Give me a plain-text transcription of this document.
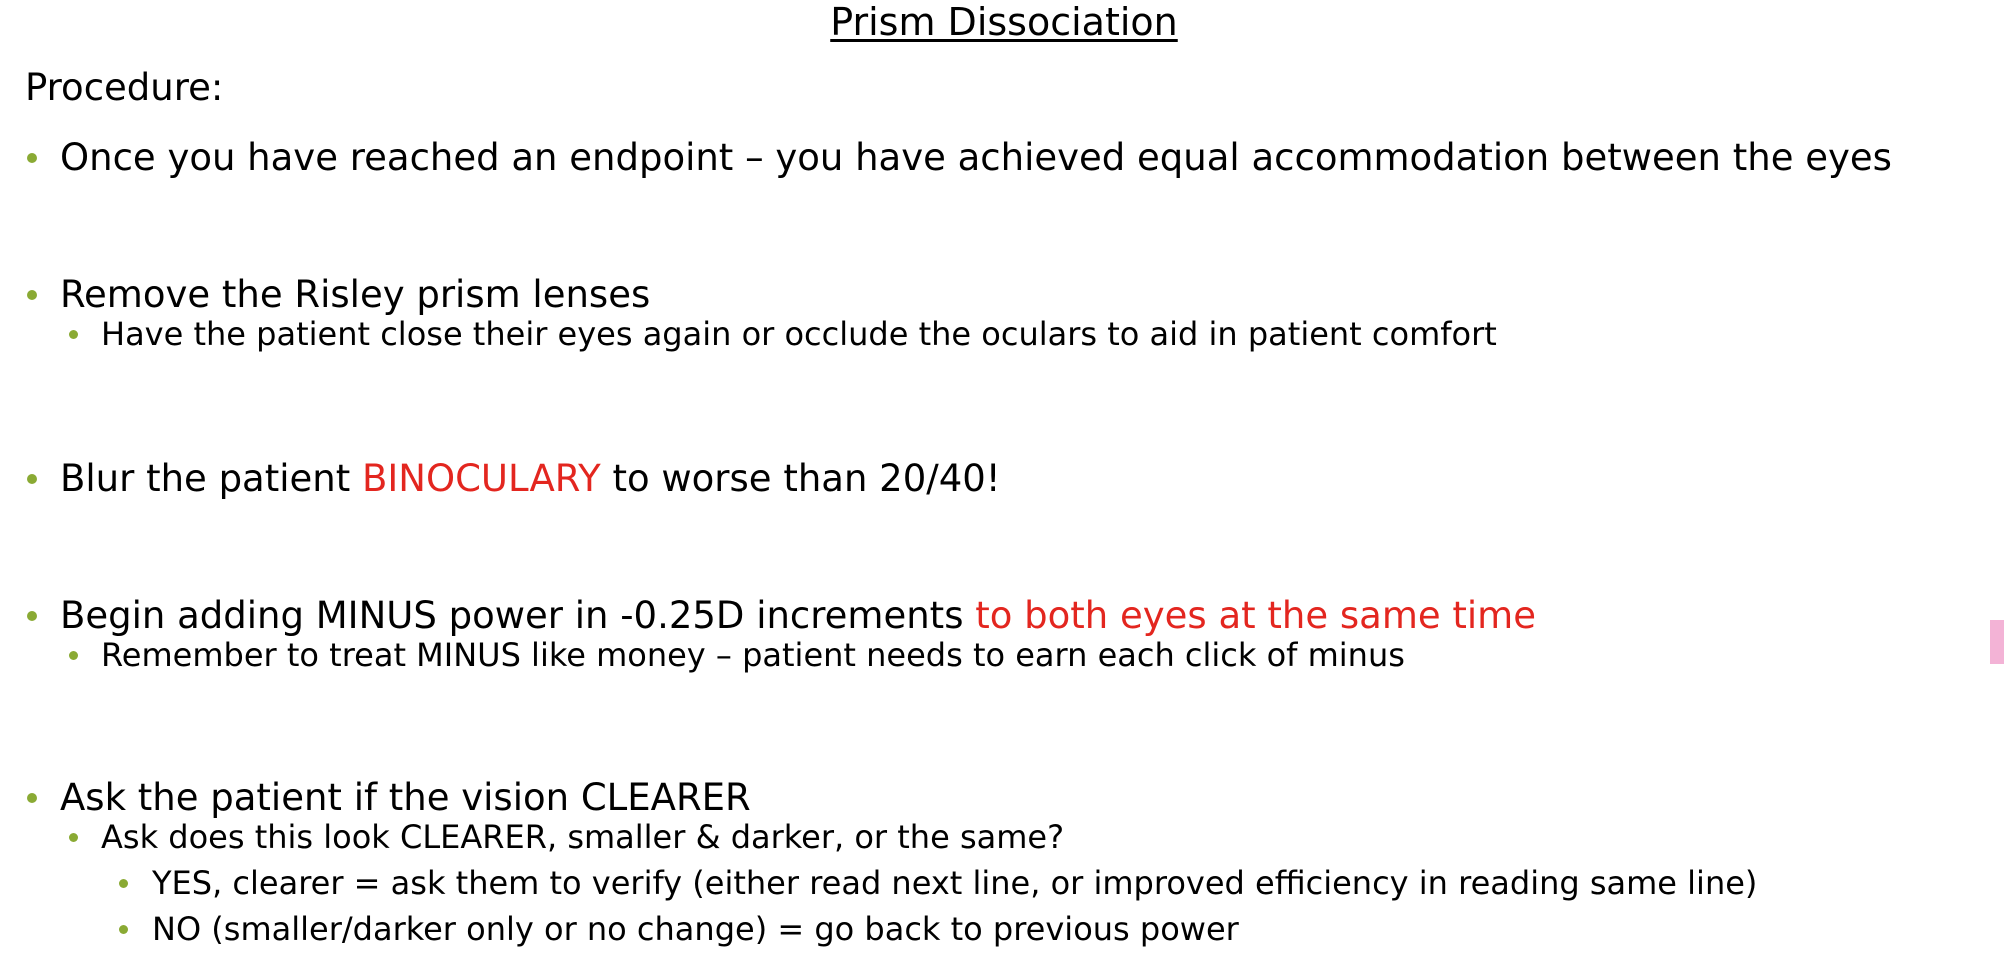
Prism Dissociation
Procedure:
Once you have reached an endpoint – you have achieved equal accommodation between the eyes
Remove the Risley prism lenses
Have the patient close their eyes again or occlude the oculars to aid in patient comfort
Blur the patient BINOCULARY to worse than 20/40!
Begin adding MINUS power in -0.25D increments to both eyes at the same time
Remember to treat MINUS like money – patient needs to earn each click of minus
Ask the patient if the vision CLEARER
Ask does this look CLEARER, smaller & darker, or the same?
YES, clearer = ask them to verify (either read next line, or improved efficiency in reading same line)
NO (smaller/darker only or no change) = go back to previous power
